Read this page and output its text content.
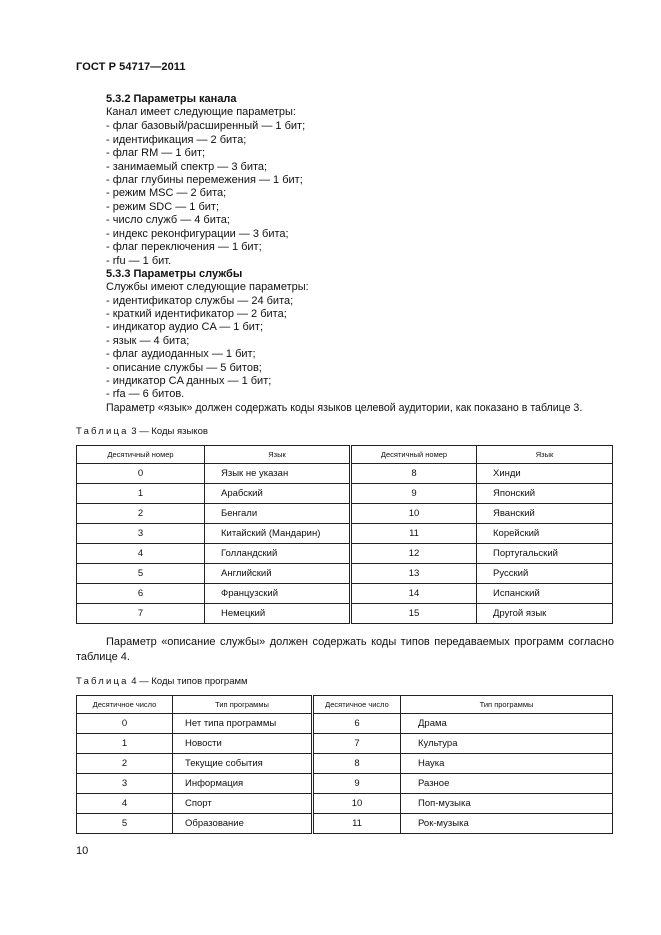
ГОСТ Р 54717—2011
5.3.2 Параметры канала
Канал имеет следующие параметры:
- флаг базовый/расширенный — 1 бит;
- идентификация — 2 бита;
- флаг RM — 1 бит;
- занимаемый спектр — 3 бита;
- флаг глубины перемежения — 1 бит;
- режим MSC — 2 бита;
- режим SDC — 1 бит;
- число служб — 4 бита;
- индекс реконфигурации — 3 бита;
- флаг переключения — 1 бит;
- rfu — 1 бит.
5.3.3 Параметры службы
Службы имеют следующие параметры:
- идентификатор службы — 24 бита;
- краткий идентификатор — 2 бита;
- индикатор аудио CA — 1 бит;
- язык — 4 бита;
- флаг аудиоданных — 1 бит;
- описание службы — 5 битов;
- индикатор CA данных — 1 бит;
- rfa — 6 битов.
Параметр «язык» должен содержать коды языков целевой аудитории, как показано в таблице 3.
Таблица 3 — Коды языков
Десятичный номер	Язык	Десятичный номер	Язык
0	Язык не указан	8	Хинди
1	Арабский	9	Японский
2	Бенгали	10	Яванский
3	Китайский (Мандарин)	11	Корейский
4	Голландский	12	Португальский
5	Английский	13	Русский
6	Французский	14	Испанский
7	Немецкий	15	Другой язык
Параметр «описание службы» должен содержать коды типов передаваемых программ согласно таблице 4.
Таблица 4 — Коды типов программ
Десятичное число	Тип программы	Десятичное число	Тип программы
0	Нет типа программы	6	Драма
1	Новости	7	Культура
2	Текущие события	8	Наука
3	Информация	9	Разное
4	Спорт	10	Поп-музыка
5	Образование	11	Рок-музыка
10
